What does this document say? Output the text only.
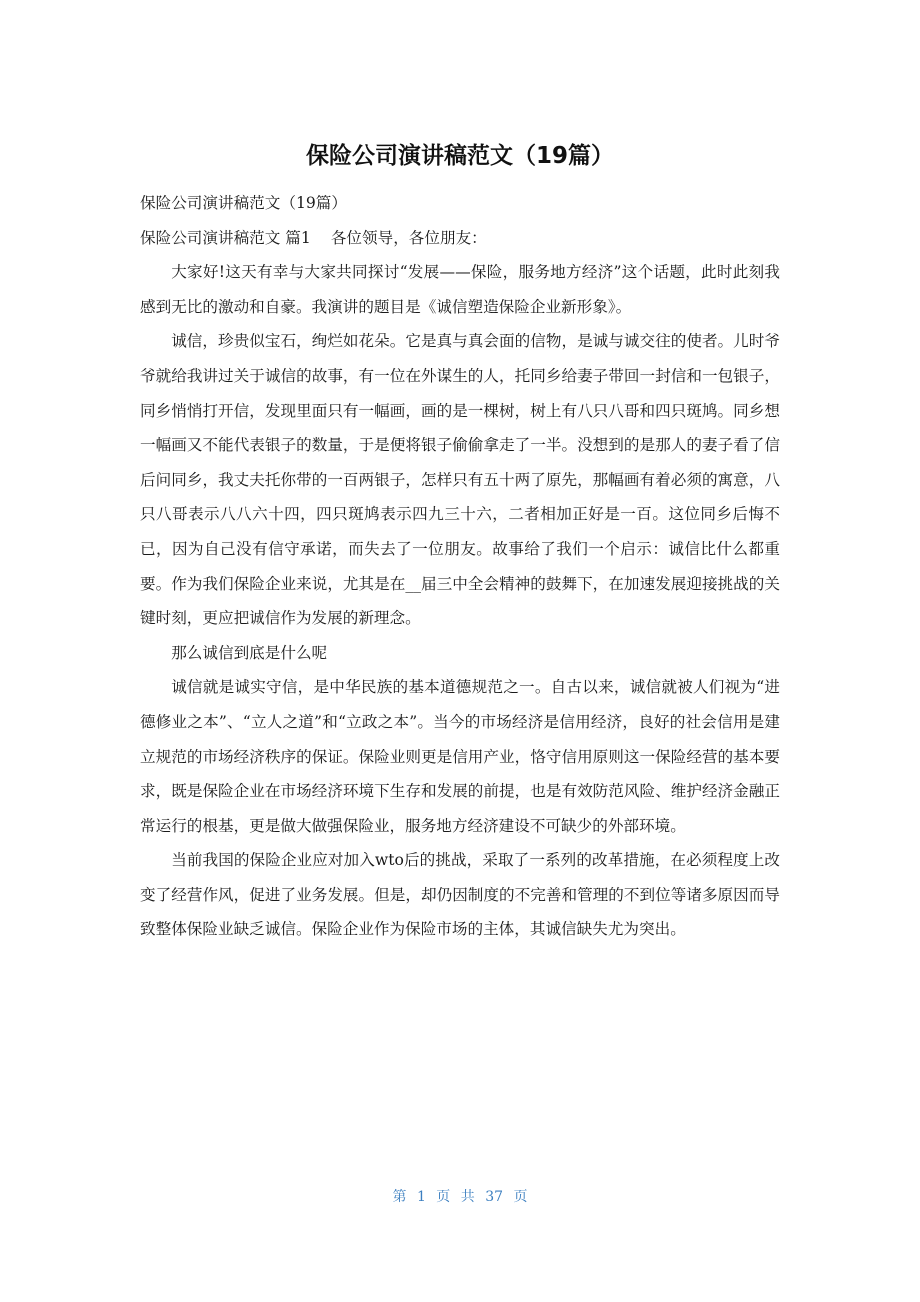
保险公司演讲稿范文（19篇）

保险公司演讲稿范文（19篇）

保险公司演讲稿范文 篇1 各位领导，各位朋友：

大家好!这天有幸与大家共同探讨“发展——保险，服务地方经济”这个话题，此时此刻我感到无比的激动和自豪。我演讲的题目是《诚信塑造保险企业新形象》。

诚信，珍贵似宝石，绚烂如花朵。它是真与真会面的信物，是诚与诚交往的使者。儿时爷爷就给我讲过关于诚信的故事，有一位在外谋生的人，托同乡给妻子带回一封信和一包银子，同乡悄悄打开信，发现里面只有一幅画，画的是一棵树，树上有八只八哥和四只斑鸠。同乡想一幅画又不能代表银子的数量，于是便将银子偷偷拿走了一半。没想到的是那人的妻子看了信后问同乡，我丈夫托你带的一百两银子，怎样只有五十两了原先，那幅画有着必须的寓意，八只八哥表示八八六十四，四只斑鸠表示四九三十六，二者相加正好是一百。这位同乡后悔不已，因为自己没有信守承诺，而失去了一位朋友。故事给了我们一个启示：诚信比什么都重要。作为我们保险企业来说，尤其是在__届三中全会精神的鼓舞下，在加速发展迎接挑战的关键时刻，更应把诚信作为发展的新理念。

那么诚信到底是什么呢

诚信就是诚实守信，是中华民族的基本道德规范之一。自古以来，诚信就被人们视为“进德修业之本”、“立人之道”和“立政之本”。当今的市场经济是信用经济，良好的社会信用是建立规范的市场经济秩序的保证。保险业则更是信用产业，恪守信用原则这一保险经营的基本要求，既是保险企业在市场经济环境下生存和发展的前提，也是有效防范风险、维护经济金融正常运行的根基，更是做大做强保险业，服务地方经济建设不可缺少的外部环境。

当前我国的保险企业应对加入wto后的挑战，采取了一系列的改革措施，在必须程度上改变了经营作风，促进了业务发展。但是，却仍因制度的不完善和管理的不到位等诸多原因而导致整体保险业缺乏诚信。保险企业作为保险市场的主体，其诚信缺失尤为突出。

第 1 页 共 37 页
